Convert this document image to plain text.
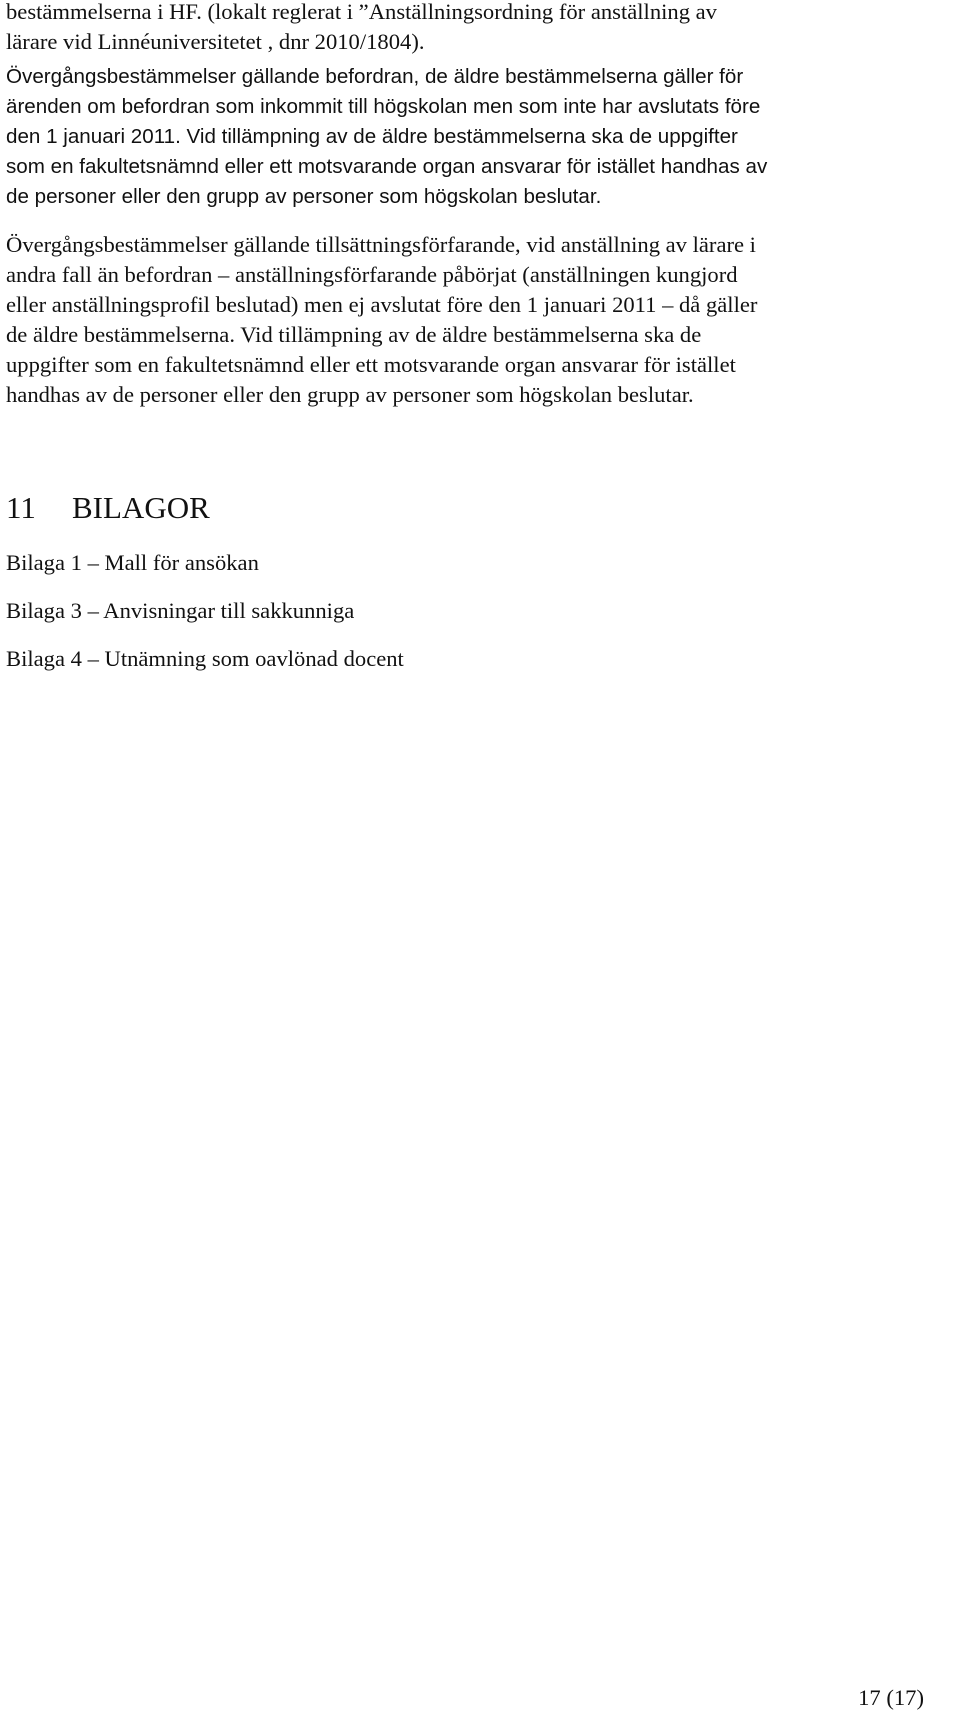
bestämmelserna i HF. (lokalt reglerat i ”Anställningsordning för anställning av
lärare vid Linnéuniversitetet , dnr 2010/1804).

Övergångsbestämmelser gällande befordran, de äldre bestämmelserna gäller för
ärenden om befordran som inkommit till högskolan men som inte har avslutats före
den 1 januari 2011. Vid tillämpning av de äldre bestämmelserna ska de uppgifter
som en fakultetsnämnd eller ett motsvarande organ ansvarar för istället handhas av
de personer eller den grupp av personer som högskolan beslutar.

Övergångsbestämmelser gällande tillsättningsförfarande, vid anställning av lärare i
andra fall än befordran – anställningsförfarande påbörjat (anställningen kungjord
eller anställningsprofil beslutad) men ej avslutat före den 1 januari 2011 – då gäller
de äldre bestämmelserna. Vid tillämpning av de äldre bestämmelserna ska de
uppgifter som en fakultetsnämnd eller ett motsvarande organ ansvarar för istället
handhas av de personer eller den grupp av personer som högskolan beslutar.

11 BILAGOR
Bilaga 1 – Mall för ansökan
Bilaga 3 – Anvisningar till sakkunniga
Bilaga 4 – Utnämning som oavlönad docent
17 (17)
